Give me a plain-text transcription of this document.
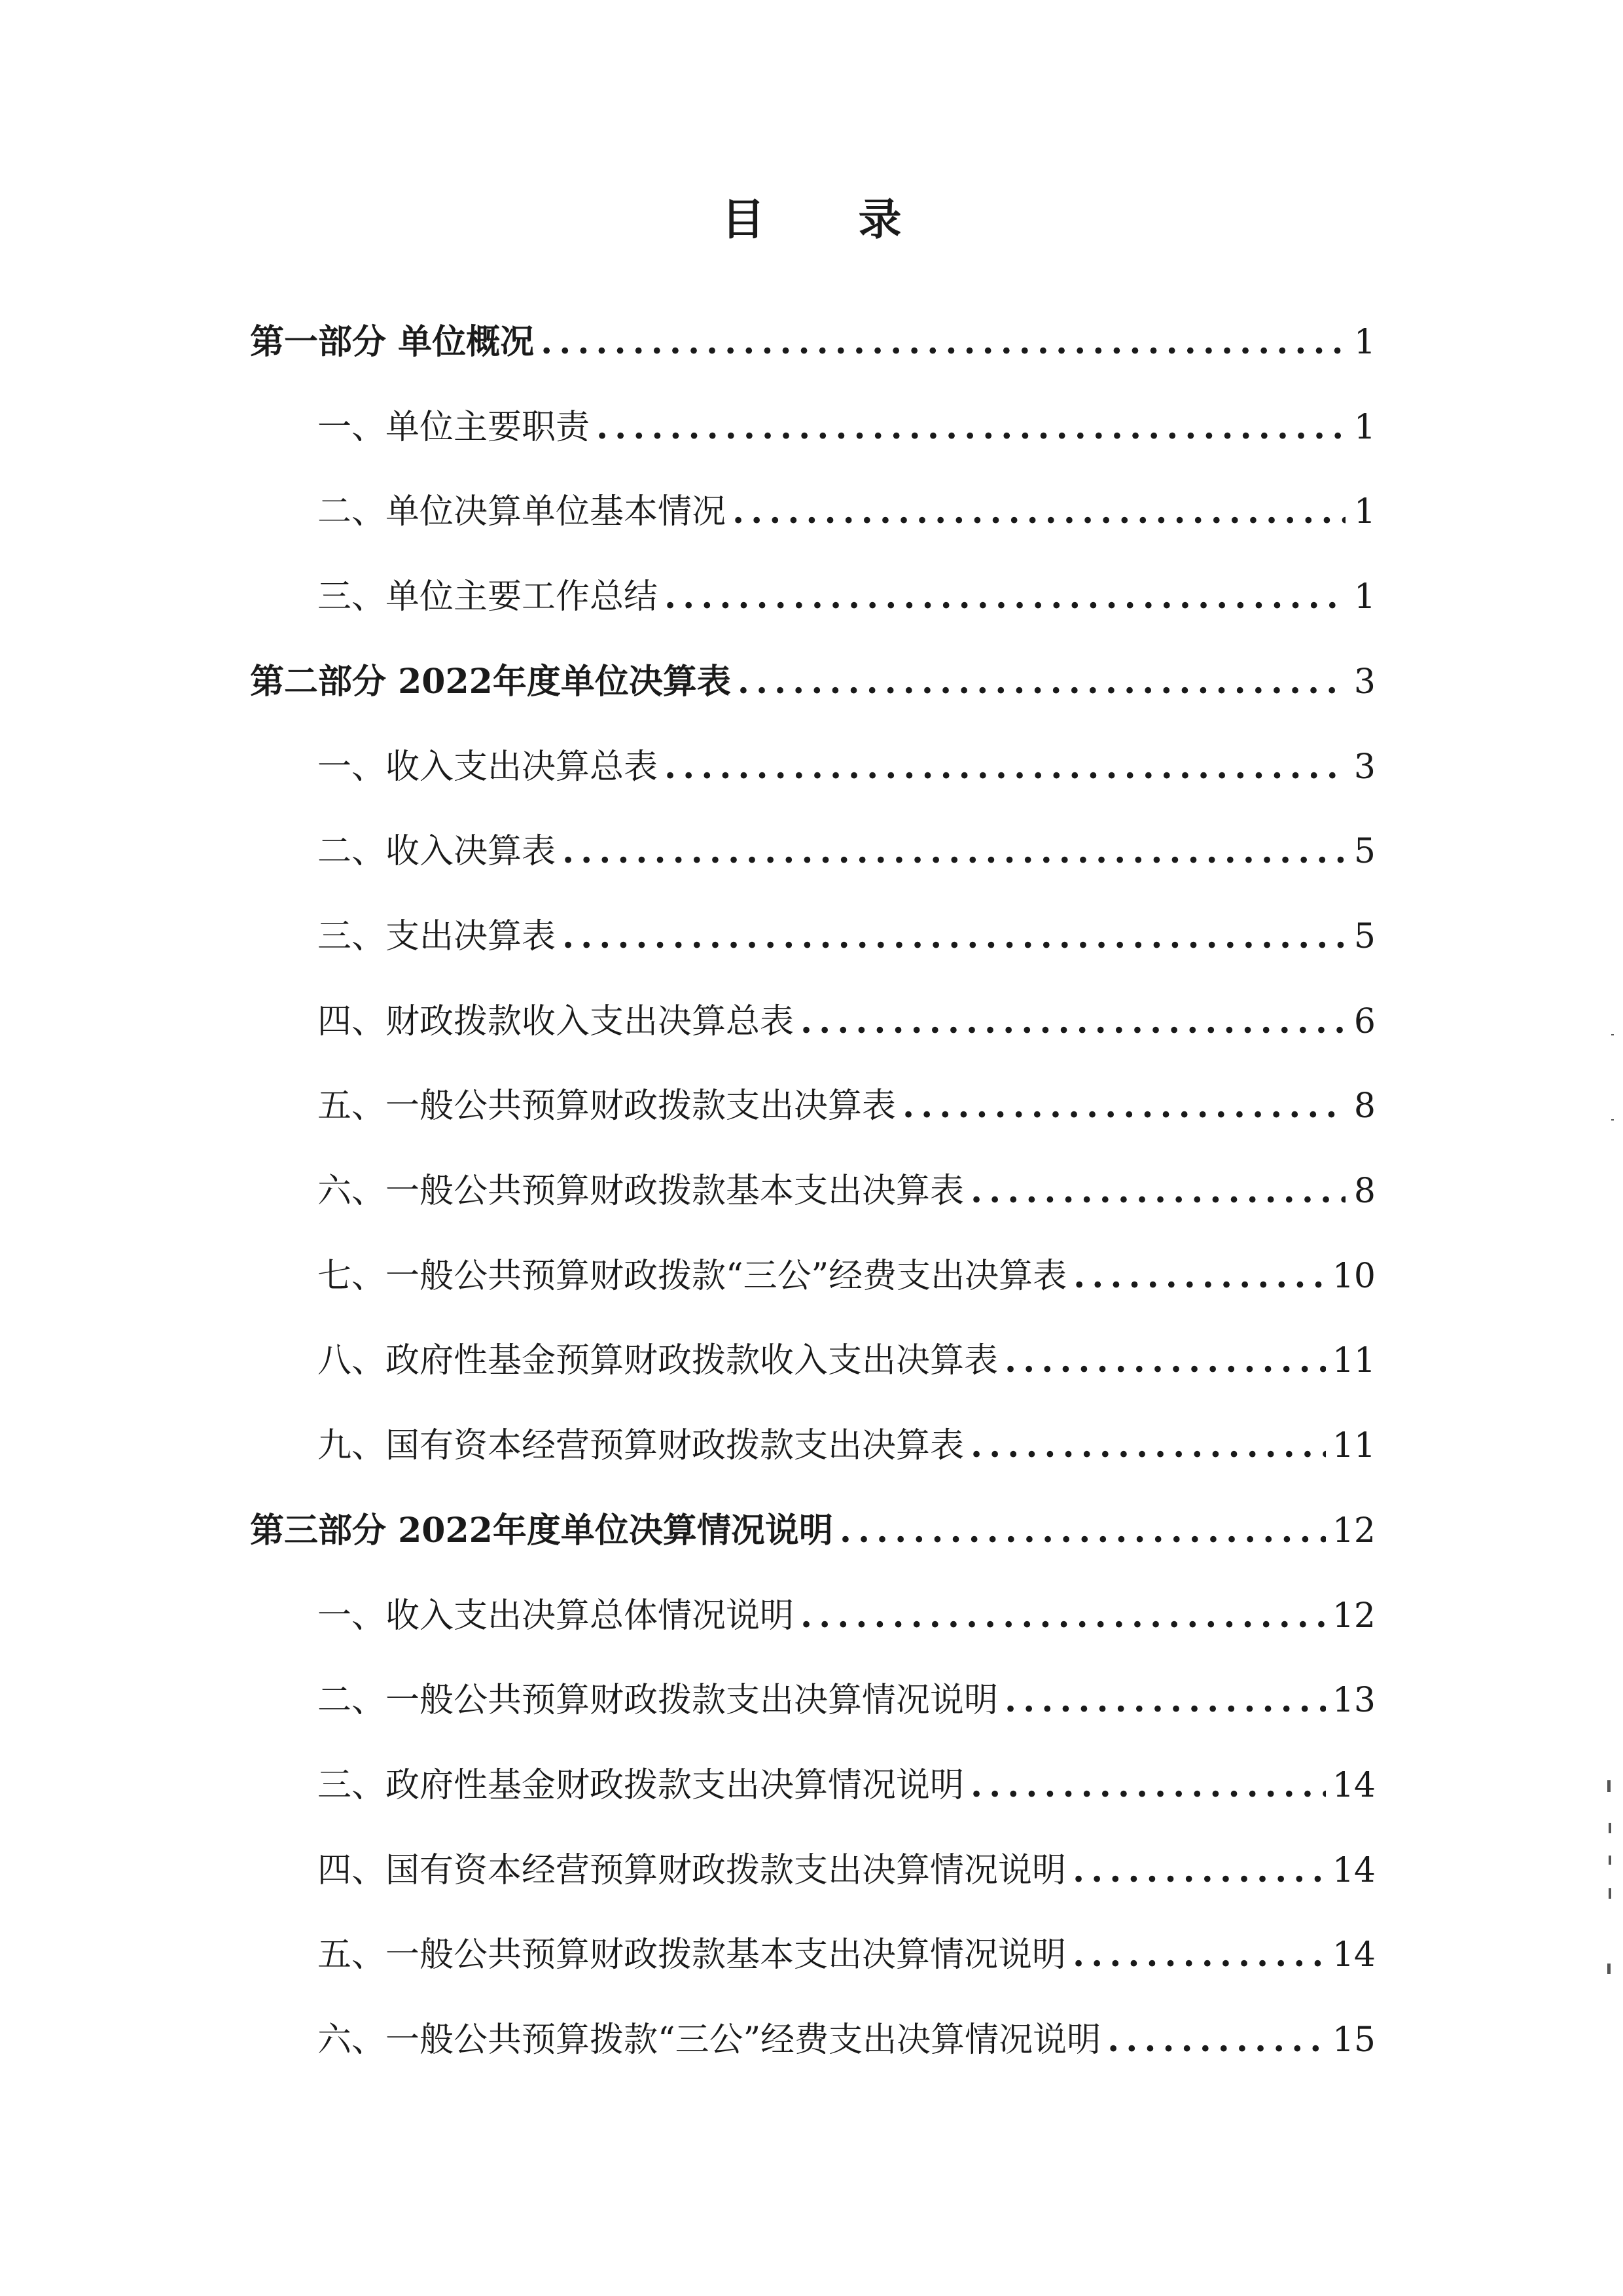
目 录
第一部分 单位概况 .....	1
一、单位主要职责 .....	1
二、单位决算单位基本情况 .....	1
三、单位主要工作总结 .....	1
第二部分 2022年度单位决算表 .....	3
一、收入支出决算总表 .....	3
二、收入决算表 .....	5
三、支出决算表 .....	5
四、财政拨款收入支出决算总表 .....	6
五、一般公共预算财政拨款支出决算表 .....	8
六、一般公共预算财政拨款基本支出决算表 .....	8
七、一般公共预算财政拨款“三公”经费支出决算表 .....	10
八、政府性基金预算财政拨款收入支出决算表 .....	11
九、国有资本经营预算财政拨款支出决算表 .....	11
第三部分 2022年度单位决算情况说明 .....	12
一、收入支出决算总体情况说明 .....	12
二、一般公共预算财政拨款支出决算情况说明 .....	13
三、政府性基金财政拨款支出决算情况说明 .....	14
四、国有资本经营预算财政拨款支出决算情况说明 .....	14
五、一般公共预算财政拨款基本支出决算情况说明 .....	14
六、一般公共预算拨款“三公”经费支出决算情况说明 .....	15
